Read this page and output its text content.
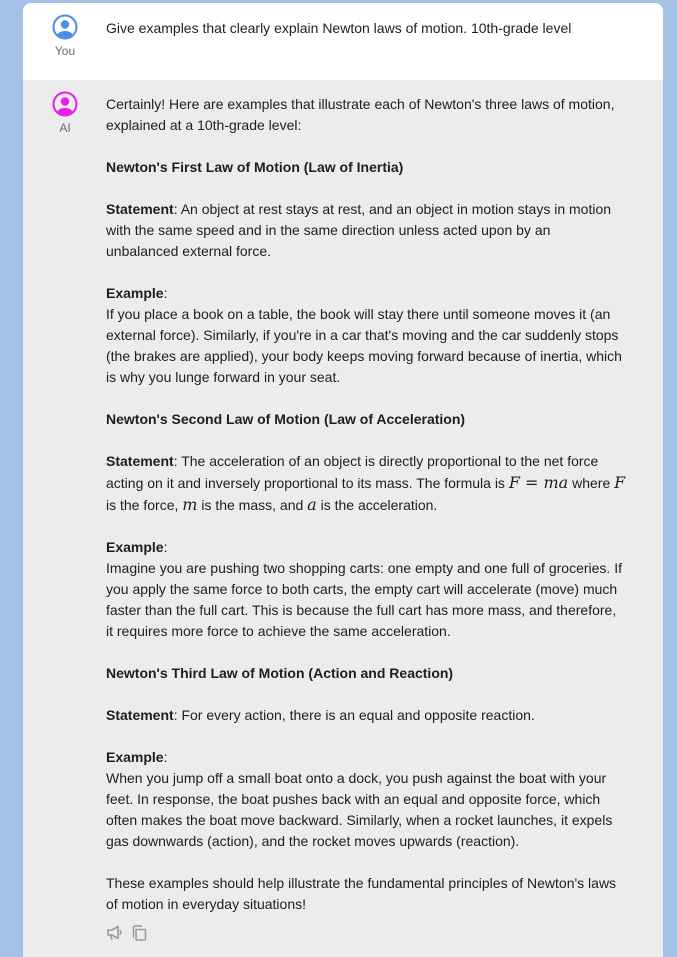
You
Give examples that clearly explain Newton laws of motion. 10th-grade level
AI

Certainly! Here are examples that illustrate each of Newton's three laws of motion, explained at a 10th-grade level:

Newton's First Law of Motion (Law of Inertia)

Statement: An object at rest stays at rest, and an object in motion stays in motion with the same speed and in the same direction unless acted upon by an unbalanced external force.

Example:
If you place a book on a table, the book will stay there until someone moves it (an external force). Similarly, if you're in a car that's moving and the car suddenly stops (the brakes are applied), your body keeps moving forward because of inertia, which is why you lunge forward in your seat.

Newton's Second Law of Motion (Law of Acceleration)

Statement: The acceleration of an object is directly proportional to the net force acting on it and inversely proportional to its mass. The formula is F = ma where F is the force, m is the mass, and a is the acceleration.

Example:
Imagine you are pushing two shopping carts: one empty and one full of groceries. If you apply the same force to both carts, the empty cart will accelerate (move) much faster than the full cart. This is because the full cart has more mass, and therefore, it requires more force to achieve the same acceleration.

Newton's Third Law of Motion (Action and Reaction)

Statement: For every action, there is an equal and opposite reaction.

Example:
When you jump off a small boat onto a dock, you push against the boat with your feet. In response, the boat pushes back with an equal and opposite force, which often makes the boat move backward. Similarly, when a rocket launches, it expels gas downwards (action), and the rocket moves upwards (reaction).

These examples should help illustrate the fundamental principles of Newton's laws of motion in everyday situations!
